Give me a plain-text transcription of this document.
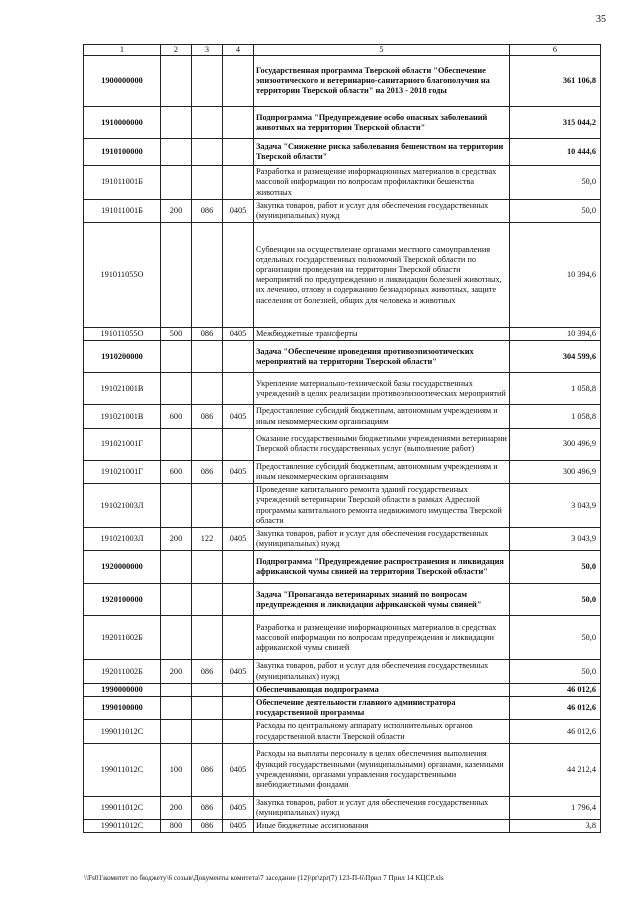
35
1	2	3	4	5	6
1900000000				Государственная программа Тверской области "Обеспечение эпизоотического и ветеринарно-санитарного благополучия на территории Тверской области" на 2013 - 2018 годы	361 106,8
1910000000				Подпрограмма "Предупреждение особо опасных заболеваний животных на территории Тверской области"	315 044,2
1910100000				Задача "Снижение риска заболевания бешенством на территории Тверской области"	10 444,6
191011001Б				Разработка и размещение информационных материалов в средствах массовой информации по вопросам профилактики бешенства животных	50,0
191011001Б	200	086	0405	Закупка товаров, работ и услуг для обеспечения государственных (муниципальных) нужд	50,0
191011055О				Субвенции на осуществление органами местного самоуправления отдельных государственных полномочий Тверской области по организации проведения на территории Тверской области мероприятий по предупреждению и ликвидации болезней животных, их лечению, отлову и содержанию безнадзорных животных, защите населения от болезней, общих для человека и животных	10 394,6
191011055О	500	086	0405	Межбюджетные трансферты	10 394,6
1910200000				Задача "Обеспечение проведения противоэпизоотических мероприятий на территории Тверской области"	304 599,6
191021001В				Укрепление материально-технической базы государственных учреждений в целях реализации противоэпизоотических мероприятий	1 058,8
191021001В	600	086	0405	Предоставление субсидий бюджетным, автономным учреждениям и иным некоммерческим организациям	1 058,8
191021001Г				Оказание государственными бюджетными учреждениями ветеринарии Тверской области государственных услуг (выполнение работ)	300 496,9
191021001Г	600	086	0405	Предоставление субсидий бюджетным, автономным учреждениям и иным некоммерческим организациям	300 496,9
191021003Л				Проведение капитального ремонта зданий государственных учреждений ветеринарии Тверской области в рамках Адресной программы капитального ремонта недвижимого имущества Тверской области	3 043,9
191021003Л	200	122	0405	Закупка товаров, работ и услуг для обеспечения государственных (муниципальных) нужд	3 043,9
1920000000				Подпрограмма "Предупреждение распространения и ликвидация африканской чумы свиней на территории Тверской области"	50,0
1920100000				Задача "Пропаганда ветеринарных знаний по вопросам предупреждения и ликвидации африканской чумы свиней"	50,0
192011002Б				Разработка и размещение информационных материалов в средствах массовой информации по вопросам предупреждения и ликвидации африканской чумы свиней	50,0
192011002Б	200	086	0405	Закупка товаров, работ и услуг для обеспечения государственных (муниципальных) нужд	50,0
1990000000				Обеспечивающая подпрограмма	46 012,6
1990100000				Обеспечение деятельности главного администратора государственной программы	46 012,6
199011012С				Расходы по центральному аппарату исполнительных органов государственной власти Тверской области	46 012,6
199011012С	100	086	0405	Расходы на выплаты персоналу в целях обеспечения выполнения функций государственными (муниципальными) органами, казенными учреждениями, органами управления государственными внебюджетными фондами	44 212,4
199011012С	200	086	0405	Закупка товаров, работ и услуг для обеспечения государственных (муниципальных) нужд	1 796,4
199011012С	800	086	0405	Иные бюджетные ассигнования	3,8
\\Fs01\комитет по бюджету\6 созыв\Документы комитета\7 заседание (12)\pr\zpr(7) 123-П-6\Прил 7 Прил 14 КЦСР.xls
